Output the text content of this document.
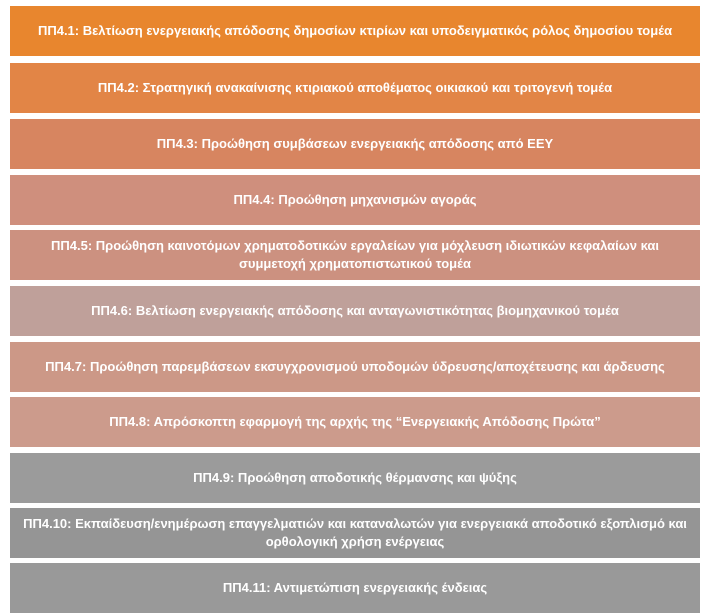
ΠΠ4.1: Βελτίωση ενεργειακής απόδοσης δημοσίων κτιρίων και υποδειγματικός ρόλος δημοσίου τομέα
ΠΠ4.2: Στρατηγική ανακαίνισης κτιριακού αποθέματος οικιακού και τριτογενή τομέα
ΠΠ4.3: Προώθηση συμβάσεων ενεργειακής απόδοσης από ΕΕΥ
ΠΠ4.4: Προώθηση μηχανισμών αγοράς
ΠΠ4.5: Προώθηση καινοτόμων χρηματοδοτικών εργαλείων για μόχλευση ιδιωτικών κεφαλαίων και συμμετοχή χρηματοπιστωτικού τομέα
ΠΠ4.6: Βελτίωση ενεργειακής απόδοσης και ανταγωνιστικότητας βιομηχανικού τομέα
ΠΠ4.7: Προώθηση παρεμβάσεων εκσυγχρονισμού υποδομών ύδρευσης/αποχέτευσης και άρδευσης
ΠΠ4.8: Απρόσκοπτη εφαρμογή της αρχής της “Ενεργειακής Απόδοσης Πρώτα”
ΠΠ4.9: Προώθηση αποδοτικής θέρμανσης και ψύξης
ΠΠ4.10: Εκπαίδευση/ενημέρωση επαγγελματιών και καταναλωτών για ενεργειακά αποδοτικό εξοπλισμό και ορθολογική χρήση ενέργειας
ΠΠ4.11: Αντιμετώπιση ενεργειακής ένδειας
